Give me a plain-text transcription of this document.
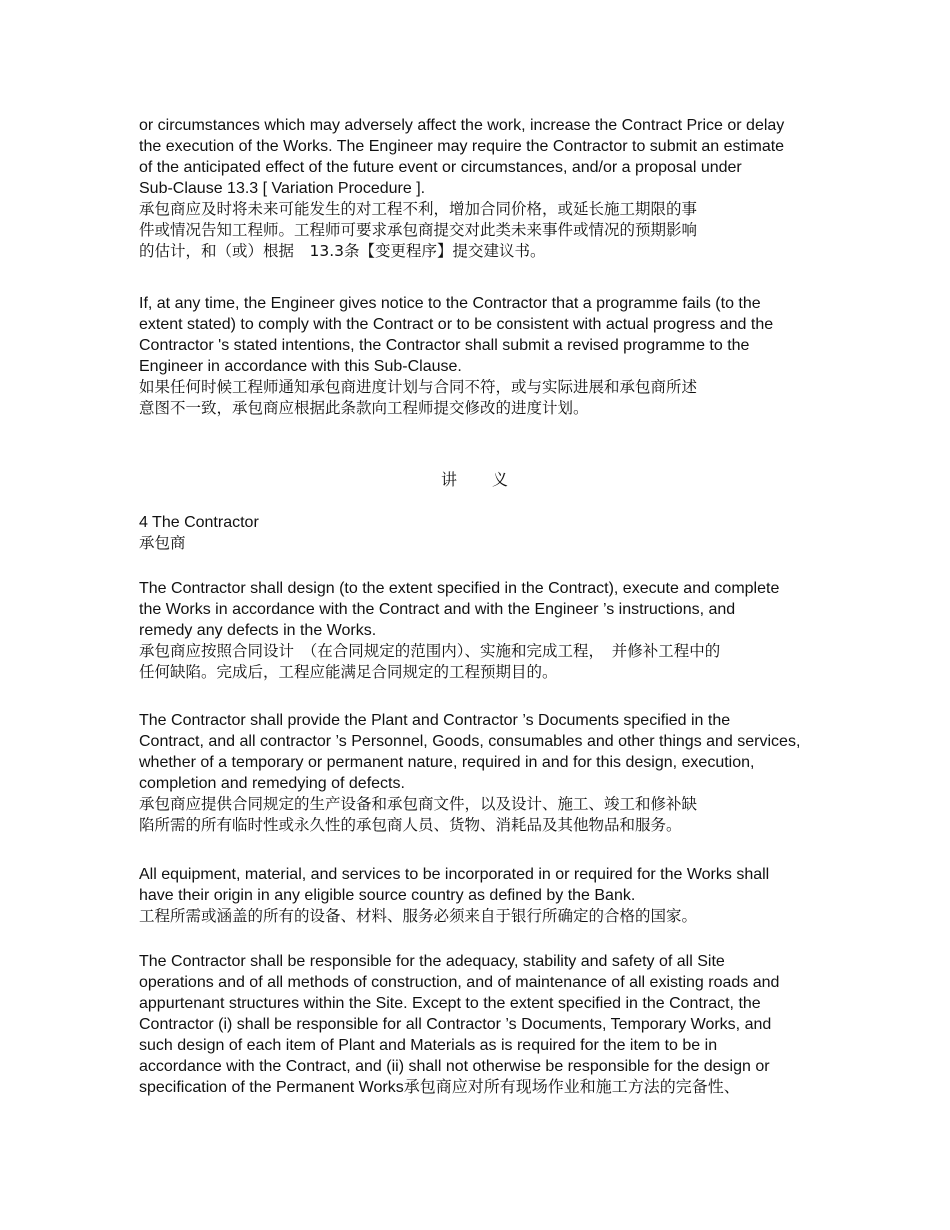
or circumstances which may adversely affect the work, increase the Contract Price or delay
the execution of the Works. The Engineer may require the Contractor to submit an estimate
of the anticipated effect of the future event or circumstances, and/or a proposal under
Sub-Clause 13.3 [ Variation Procedure ].
承包商应及时将未来可能发生的对工程不利，增加合同价格，或延长施工期限的事
件或情况告知工程师。工程师可要求承包商提交对此类未来事件或情况的预期影响
的估计，和（或）根据　13.3条【变更程序】提交建议书。
If, at any time, the Engineer gives notice to the Contractor that a programme fails (to the
extent stated) to comply with the Contract or to be consistent with actual progress and the
Contractor 's stated intentions, the Contractor shall submit a revised programme to the
Engineer in accordance with this Sub-Clause.
如果任何时候工程师通知承包商进度计划与合同不符，或与实际进展和承包商所述
意图不一致，承包商应根据此条款向工程师提交修改的进度计划。
讲　　义
4 The Contractor
承包商
The Contractor shall design (to the extent specified in the Contract), execute and complete
the Works in accordance with the Contract and with the Engineer ’s instructions, and
remedy any defects in the Works.
承包商应按照合同设计　（在合同规定的范围内）、实施和完成工程，　并修补工程中的
任何缺陷。完成后，工程应能满足合同规定的工程预期目的。
The Contractor shall provide the Plant and Contractor ’s Documents specified in the
Contract, and all contractor ’s Personnel, Goods, consumables and other things and services,
whether of a temporary or permanent nature, required in and for this design, execution,
completion and remedying of defects.
承包商应提供合同规定的生产设备和承包商文件，以及设计、施工、竣工和修补缺
陷所需的所有临时性或永久性的承包商人员、货物、消耗品及其他物品和服务。
All equipment, material, and services to be incorporated in or required for the Works shall
have their origin in any eligible source country as defined by the Bank.
工程所需或涵盖的所有的设备、材料、服务必须来自于银行所确定的合格的国家。
The Contractor shall be responsible for the adequacy, stability and safety of all Site
operations and of all methods of construction, and of maintenance of all existing roads and
appurtenant structures within the Site. Except to the extent specified in the Contract, the
Contractor (i) shall be responsible for all Contractor ’s Documents, Temporary Works, and
such design of each item of Plant and Materials as is required for the item to be in
accordance with the Contract, and (ii) shall not otherwise be responsible for the design or
specification of the Permanent Works承包商应对所有现场作业和施工方法的完备性、
